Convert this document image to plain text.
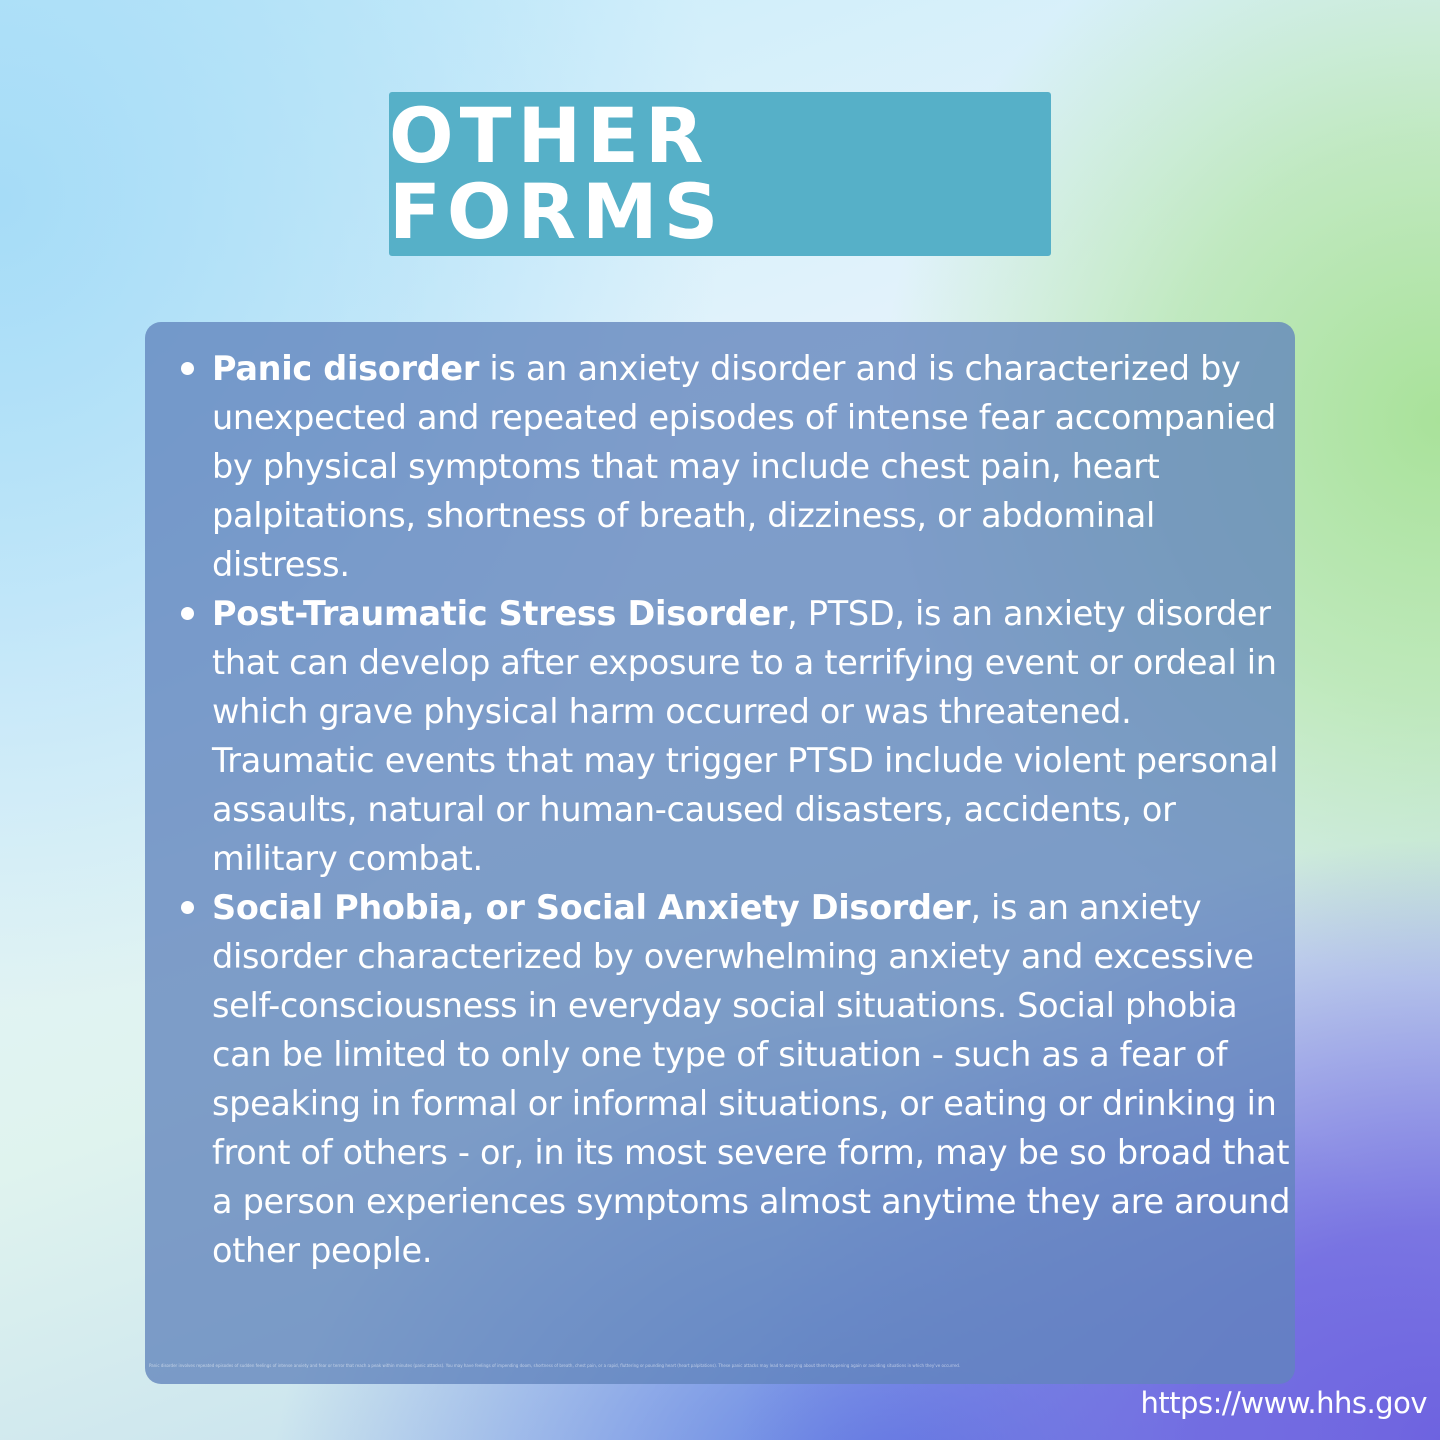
OTHER FORMS
Panic disorder is an anxiety disorder and is characterized by unexpected and repeated episodes of intense fear accompanied by physical symptoms that may include chest pain, heart palpitations, shortness of breath, dizziness, or abdominal distress.
Post-Traumatic Stress Disorder, PTSD, is an anxiety disorder that can develop after exposure to a terrifying event or ordeal in which grave physical harm occurred or was threatened. Traumatic events that may trigger PTSD include violent personal assaults, natural or human-caused disasters, accidents, or military combat.
Social Phobia, or Social Anxiety Disorder, is an anxiety disorder characterized by overwhelming anxiety and excessive self-consciousness in everyday social situations. Social phobia can be limited to only one type of situation - such as a fear of speaking in formal or informal situations, or eating or drinking in front of others - or, in its most severe form, may be so broad that a person experiences symptoms almost anytime they are around other people.
Panic disorder involves repeated episodes of sudden feelings of intense anxiety and fear or terror that reach a peak within minutes (panic attacks). You may have feelings of impending doom, shortness of breath, chest pain, or a rapid, fluttering or pounding heart (heart palpitations). These panic attacks may lead to worrying about them happening again or avoiding situations in which they've occurred.
https://www.hhs.gov
